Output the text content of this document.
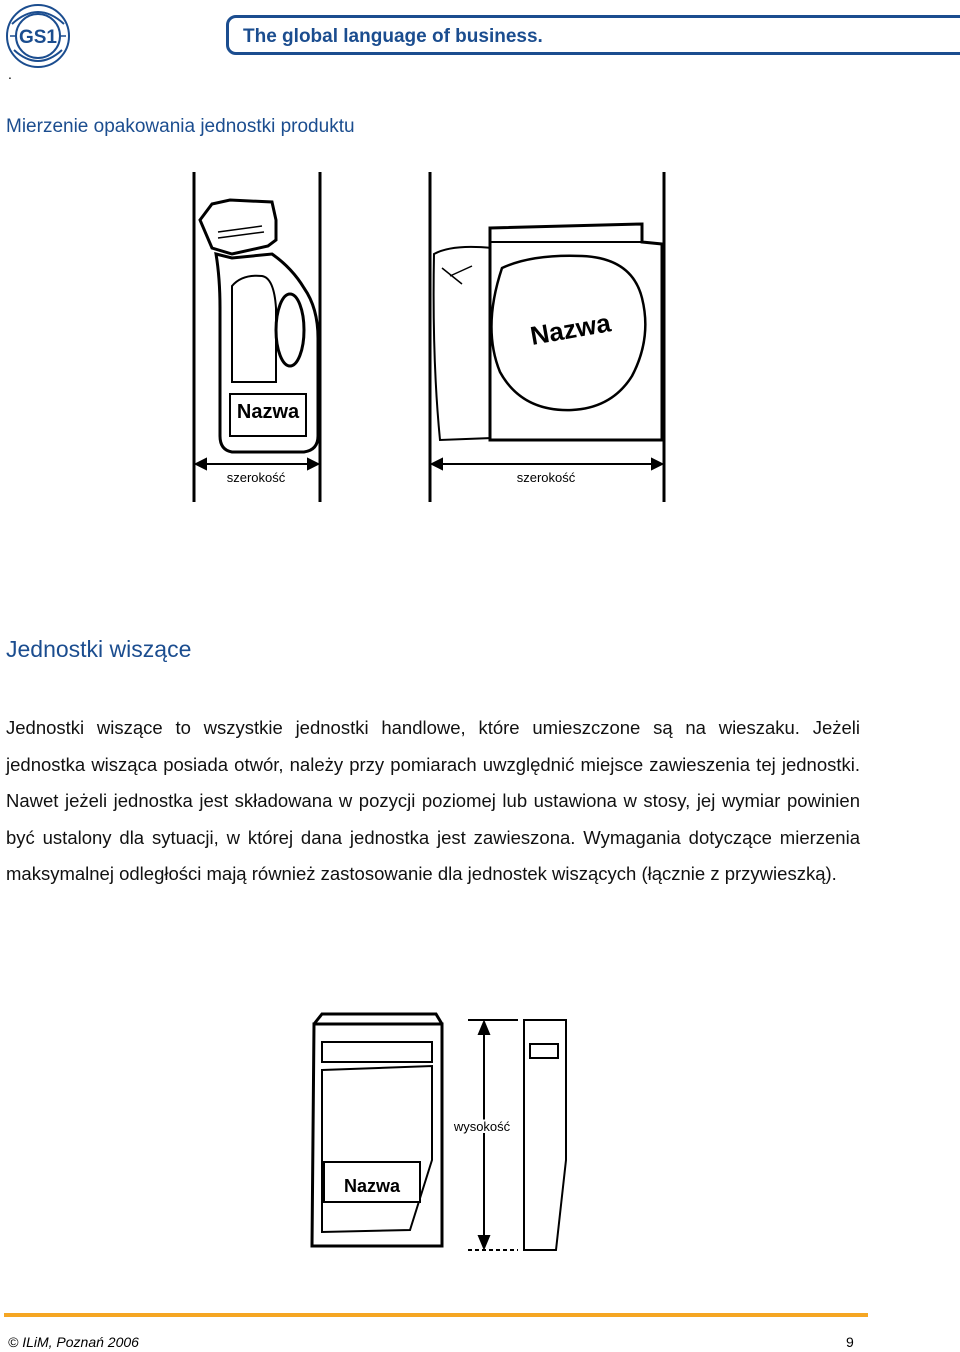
GS1	The global language of business.
.
Mierzenie opakowania jednostki produktu
Nazwa
Nazwa
szerokość	szerokość
Jednostki wiszące
Jednostki wiszące to wszystkie jednostki handlowe, które umieszczone są na wieszaku. Jeżeli jednostka wisząca posiada otwór, należy przy pomiarach uwzględnić miejsce zawieszenia tej jednostki. Nawet jeżeli jednostka jest składowana w pozycji poziomej lub ustawiona w stosy, jej wymiar powinien być ustalony dla sytuacji, w której dana jednostka jest zawieszona. Wymagania dotyczące mierzenia maksymalnej odległości mają również zastosowanie dla jednostek wiszących (łącznie z przywieszką).
Nazwa
wysokość
© ILiM, Poznań 2006	9
